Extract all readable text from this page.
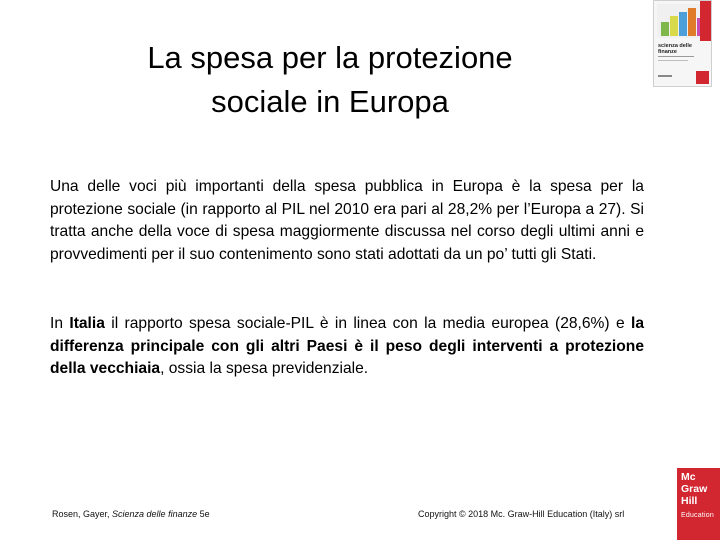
La spesa per la protezione
sociale in Europa
scienza delle finanze
Una delle voci più importanti della spesa pubblica in Europa è la spesa per la protezione sociale (in rapporto al PIL nel 2010 era pari al 28,2% per l’Europa a 27). Si tratta anche della voce di spesa maggiormente discussa nel corso degli ultimi anni e provvedimenti per il suo contenimento sono stati adottati da un po’ tutti gli Stati.
In Italia il rapporto spesa sociale-PIL è in linea con la media europea (28,6%) e la differenza principale con gli altri Paesi è il peso degli interventi a protezione della vecchiaia, ossia la spesa previdenziale.
Rosen, Gayer, Scienza delle finanze 5e	Copyright © 2018 Mc. Graw-Hill Education (Italy) srl
Mc
Graw
Hill
Education
